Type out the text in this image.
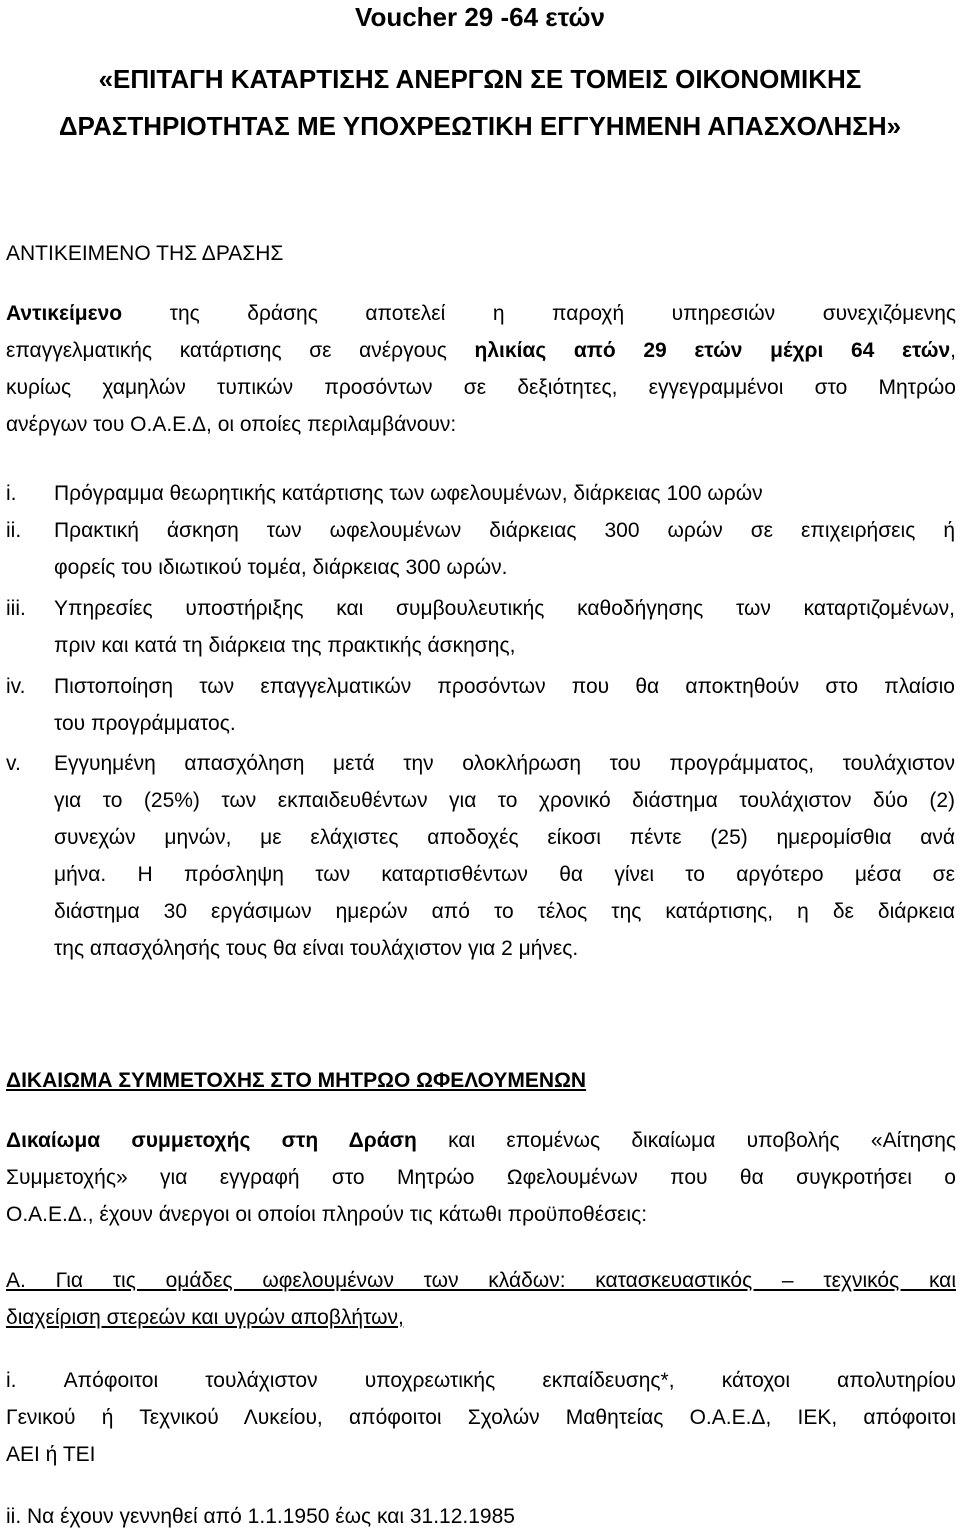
Voucher 29 -64 ετών
«ΕΠΙΤΑΓΗ ΚΑΤΑΡΤΙΣΗΣ ΑΝΕΡΓΩΝ ΣΕ ΤΟΜΕΙΣ ΟΙΚΟΝΟΜΙΚΗΣ
ΔΡΑΣΤΗΡΙΟΤΗΤΑΣ ΜΕ ΥΠΟΧΡΕΩΤΙΚΗ ΕΓΓΥΗΜΕΝΗ ΑΠΑΣΧΟΛΗΣΗ»
ΑΝΤΙΚΕΙΜΕΝΟ ΤΗΣ ΔΡΑΣΗΣ
Αντικείμενο της δράσης αποτελεί η παροχή υπηρεσιών συνεχιζόμενης
επαγγελματικής κατάρτισης σε ανέργους ηλικίας από 29 ετών μέχρι 64 ετών,
κυρίως χαμηλών τυπικών προσόντων σε δεξιότητες, εγγεγραμμένοι στο Μητρώο
ανέργων του Ο.Α.Ε.Δ, οι οποίες περιλαμβάνουν:
i. Πρόγραμμα θεωρητικής κατάρτισης των ωφελουμένων, διάρκειας 100 ωρών
ii. Πρακτική άσκηση των ωφελουμένων διάρκειας 300 ωρών σε επιχειρήσεις ή
φορείς του ιδιωτικού τομέα, διάρκειας 300 ωρών.
iii. Υπηρεσίες υποστήριξης και συμβουλευτικής καθοδήγησης των καταρτιζομένων,
πριν και κατά τη διάρκεια της πρακτικής άσκησης,
iv. Πιστοποίηση των επαγγελματικών προσόντων που θα αποκτηθούν στο πλαίσιο
του προγράμματος.
v. Εγγυημένη απασχόληση μετά την ολοκλήρωση του προγράμματος, τουλάχιστον
για το (25%) των εκπαιδευθέντων για το χρονικό διάστημα τουλάχιστον δύο (2)
συνεχών μηνών, με ελάχιστες αποδοχές είκοσι πέντε (25) ημερομίσθια ανά
μήνα. Η πρόσληψη των καταρτισθέντων θα γίνει το αργότερο μέσα σε
διάστημα 30 εργάσιμων ημερών από το τέλος της κατάρτισης, η δε διάρκεια
της απασχόλησής τους θα είναι τουλάχιστον για 2 μήνες.
ΔΙΚΑΙΩΜΑ ΣΥΜΜΕΤΟΧΗΣ ΣΤΟ ΜΗΤΡΩΟ ΩΦΕΛΟΥΜΕΝΩΝ
Δικαίωμα συμμετοχής στη Δράση και επομένως δικαίωμα υποβολής «Αίτησης
Συμμετοχής» για εγγραφή στο Μητρώο Ωφελουμένων που θα συγκροτήσει ο
Ο.Α.Ε.Δ., έχουν άνεργοι οι οποίοι πληρούν τις κάτωθι προϋποθέσεις:
Α. Για τις ομάδες ωφελουμένων των κλάδων: κατασκευαστικός – τεχνικός και
διαχείριση στερεών και υγρών αποβλήτων,
i. Απόφοιτοι τουλάχιστον υποχρεωτικής εκπαίδευσης*, κάτοχοι απολυτηρίου
Γενικού ή Τεχνικού Λυκείου, απόφοιτοι Σχολών Μαθητείας Ο.Α.Ε.Δ, ΙΕΚ, απόφοιτοι
ΑΕΙ ή ΤΕΙ
ii. Να έχουν γεννηθεί από 1.1.1950 έως και 31.12.1985
